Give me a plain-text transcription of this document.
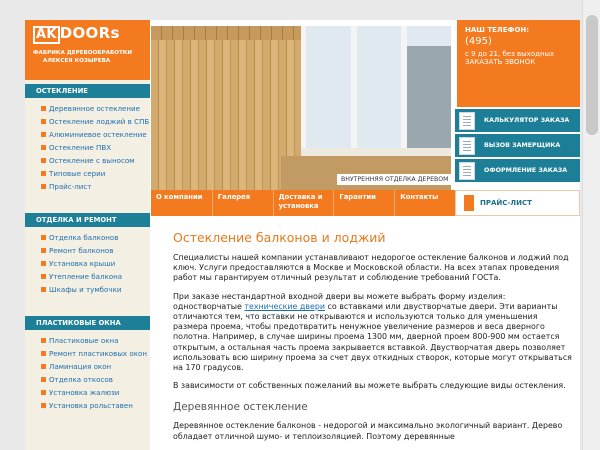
AK DOORs
ФАБРИКА ДЕРЕВООБРАБОТКИ
АЛЕКСЕЯ КОЗЫРЕВА
ВНУТРЕННЯЯ ОТДЕЛКА ДЕРЕВОМ
НАШ ТЕЛЕФОН:
(495)
с 9 до 21, без выходных
ЗАКАЗАТЬ ЗВОНОК
КАЛЬКУЛЯТОР ЗАКАЗА
ВЫЗОВ ЗАМЕРЩИКА
ОФОРМЛЕНИЕ ЗАКАЗА
О компании	Галерея	Доставка и установка
Гарантии	Контакты
ПРАЙС-ЛИСТ
ОСТЕКЛЕНИЕ
Деревянное остекление
Остекление лоджий в СПБ
Алюминиевое остекление
Остекление ПВХ
Остекление с выносом
Типовые серии
Прайс-лист
ОТДЕЛКА И РЕМОНТ
Отделка балконов
Ремонт балконов
Установка крыши
Утепление балкона
Шкафы и тумбочки
ПЛАСТИКОВЫЕ ОКНА
Пластиковые окна
Ремонт пластиковых окон
Ламинация окон
Отделка откосов
Установка жалюзи
Установка рольставен
Остекление балконов и лоджий
Специалисты нашей компании устанавливают недорогое остекление балконов и лоджий под ключ. Услуги предоставляются в Москве и Московской области. На всех этапах проведения работ мы гарантируем отличный результат и соблюдение требований ГОСТа.
При заказе нестандартной входной двери вы можете выбрать форму изделия: одностворчатые технические двери со вставками или двустворчатые двери. Эти варианты отличаются тем, что вставки не открываются и используются только для уменьшения размера проема, чтобы предотвратить ненужное увеличение размеров и веса дверного полотна. Например, в случае ширины проема 1300 мм, дверной проем 800-900 мм остается открытым, а остальная часть проема закрывается вставкой. Двустворчатая дверь позволяет использовать всю ширину проема за счет двух откидных створок, которые могут открываться на 170 градусов.
В зависимости от собственных пожеланий вы можете выбрать следующие виды остекления.
Деревянное остекление
Деревянное остекление балконов - недорогой и максимально экологичный вариант. Дерево обладает отличной шумо- и теплоизоляцией. Поэтому деревянные
